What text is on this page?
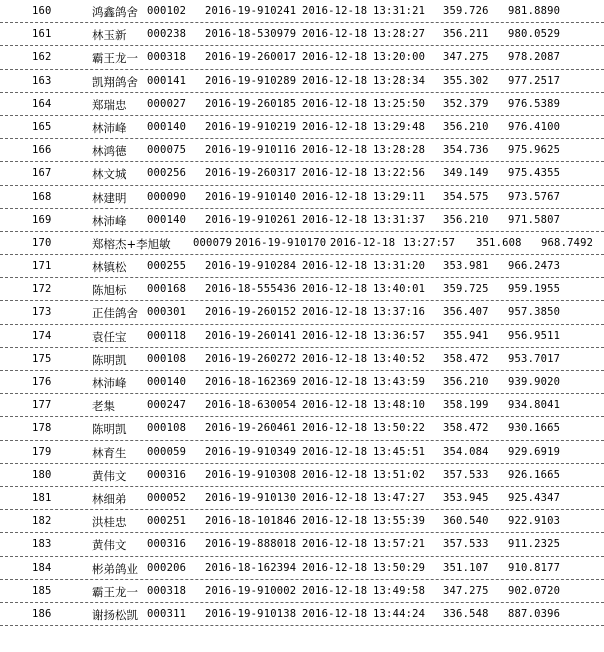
160	鸿鑫鸽舍 000102 2016-19-910241 2016-12-18 13:31:21 359.726 981.8890
161	林玉新 000238 2016-18-530979 2016-12-18 13:28:27 356.211 980.0529
162	霸王龙一 000318 2016-19-260017 2016-12-18 13:20:00 347.275 978.2087
163	凯翔鸽舍 000141 2016-19-910289 2016-12-18 13:28:34 355.302 977.2517
164	郑瑞忠 000027 2016-19-260185 2016-12-18 13:25:50 352.379 976.5389
165	林沛峰 000140 2016-19-910219 2016-12-18 13:29:48 356.210 976.4100
166	林鸿德 000075 2016-19-910116 2016-12-18 13:28:28 354.736 975.9625
167	林文城 000256 2016-19-260317 2016-12-18 13:22:56 349.149 975.4355
168	林建明 000090 2016-19-910140 2016-12-18 13:29:11 354.575 973.5767
169	林沛峰 000140 2016-19-910261 2016-12-18 13:31:37 356.210 971.5807
170	郑榕杰+李旭敏 000079 2016-19-910170 2016-12-18 13:27:57 351.608 968.7492
171	林镇松 000255 2016-19-910284 2016-12-18 13:31:20 353.981 966.2473
172	陈旭标 000168 2016-18-555436 2016-12-18 13:40:01 359.725 959.1955
173	正佳鸽舍 000301 2016-19-260152 2016-12-18 13:37:16 356.407 957.3850
174	袁任宝 000118 2016-19-260141 2016-12-18 13:36:57 355.941 956.9511
175	陈明凯 000108 2016-19-260272 2016-12-18 13:40:52 358.472 953.7017
176	林沛峰 000140 2016-18-162369 2016-12-18 13:43:59 356.210 939.9020
177	老集	000247 2016-18-630054 2016-12-18 13:48:10 358.199 934.8041
178	陈明凯 000108 2016-19-260461 2016-12-18 13:50:22 358.472 930.1665
179	林育生 000059 2016-19-910349 2016-12-18 13:45:51 354.084 929.6919
180	黄伟文 000316 2016-19-910308 2016-12-18 13:51:02 357.533 926.1665
181	林细弟 000052 2016-19-910130 2016-12-18 13:47:27 353.945 925.4347
182	洪桂忠 000251 2016-18-101846 2016-12-18 13:55:39 360.540 922.9103
183	黄伟文 000316 2016-19-888018 2016-12-18 13:57:21 357.533 911.2325
184	彬弟鸽业 000206 2016-18-162394 2016-12-18 13:50:29 351.107 910.8177
185	霸王龙一 000318 2016-19-910002 2016-12-18 13:49:58 347.275 902.0720
186	谢扬松凯 000311 2016-19-910138 2016-12-18 13:44:24 336.548 887.0396
